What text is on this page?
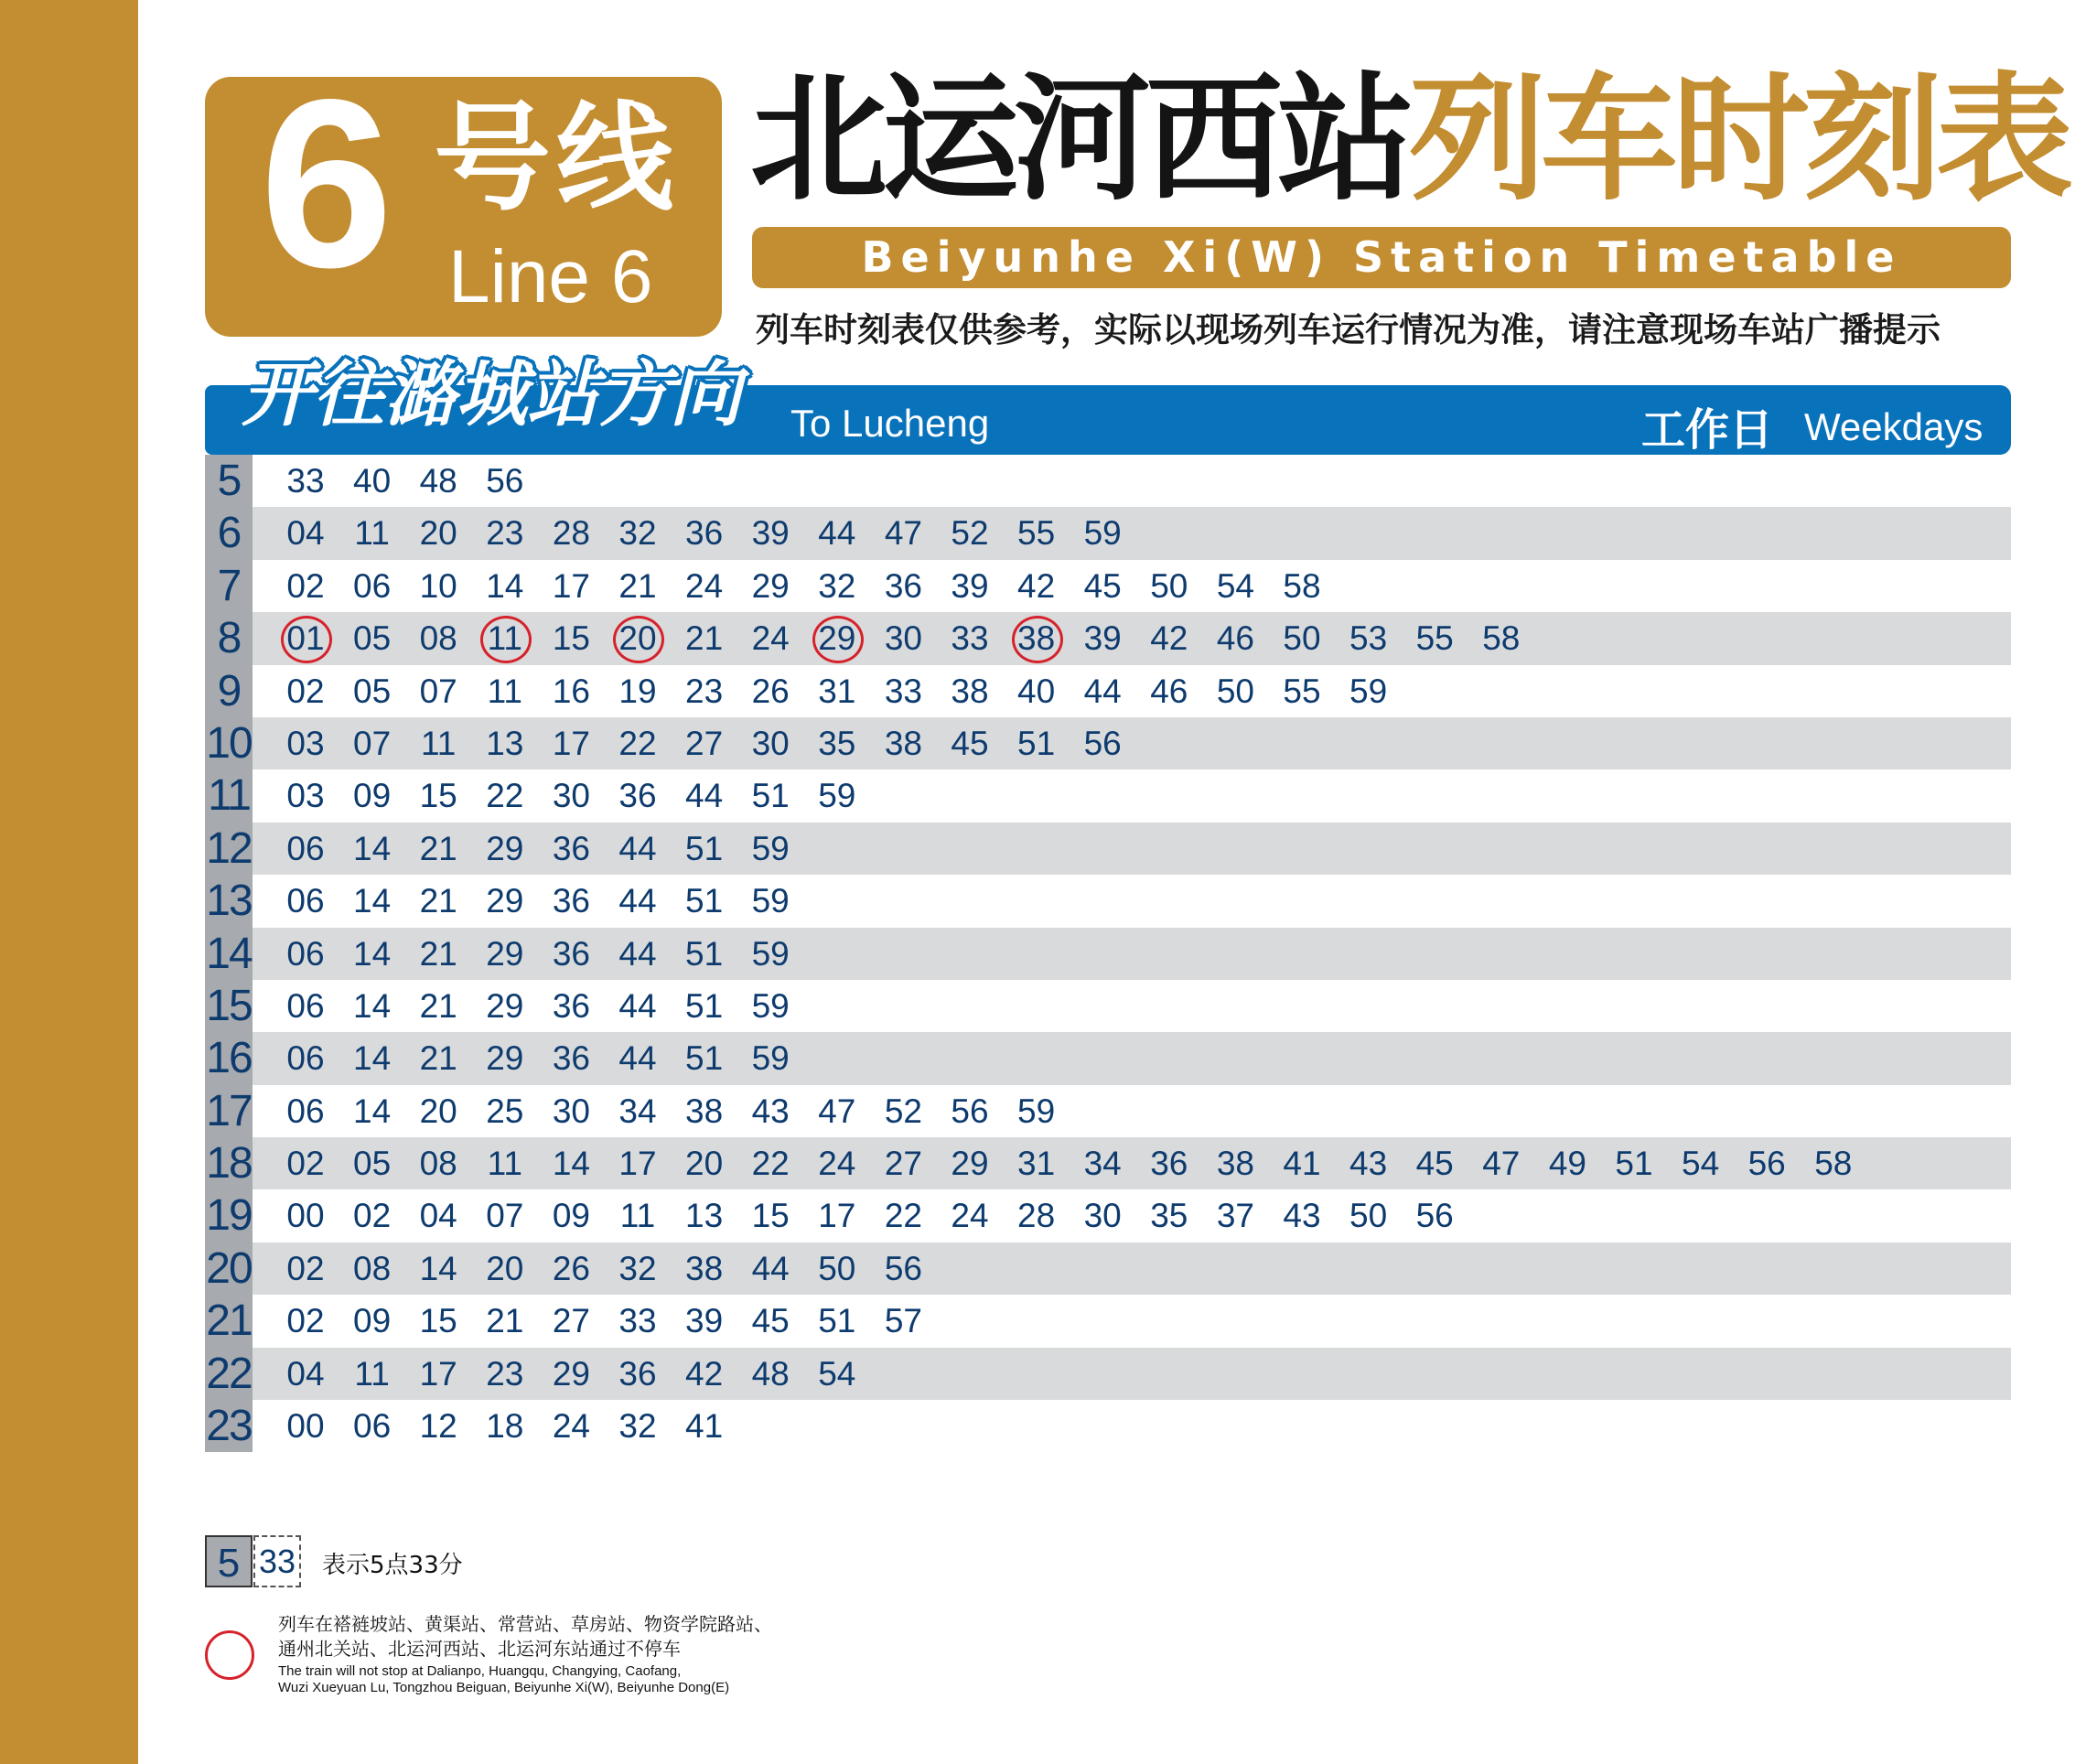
6 号线
Line 6
北运河西站列车时刻表
Beiyunhe Xi(W) Station Timetable
列车时刻表仅供参考，实际以现场列车运行情况为准，请注意现场车站广播提示
开往潞城站方向 To Lucheng	工作日 Weekdays
5	33 40 48 56
6	04 11 20 23 28 32 36 39 44 47 52 55 59
7	02 06 10 14 17 21 24 29 32 36 39 42 45 50 54 58
8	01 05 08 11 15 20 21 24 29 30 33 38 39 42 46 50 53 55 58
9	02 05 07 11 16 19 23 26 31 33 38 40 44 46 50 55 59
10	03 07 11 13 17 22 27 30 35 38 45 51 56
11	03 09 15 22 30 36 44 51 59
12	06 14 21 29 36 44 51 59
13	06 14 21 29 36 44 51 59
14	06 14 21 29 36 44 51 59
15	06 14 21 29 36 44 51 59
16	06 14 21 29 36 44 51 59
17	06 14 20 25 30 34 38 43 47 52 56 59
18	02 05 08 11 14 17 20 22 24 27 29 31 34 36 38 41 43 45 47 49 51 54 56 58
19	00 02 04 07 09 11 13 15 17 22 24 28 30 35 37 43 50 56
20	02 08 14 20 26 32 38 44 50 56
21	02 09 15 21 27 33 39 45 51 57
22	04 11 17 23 29 36 42 48 54
23	00 06 12 18 24 32 41
5 33 表示5点33分
列车在褡裢坡站、黄渠站、常营站、草房站、物资学院路站、
通州北关站、北运河西站、北运河东站通过不停车
The train will not stop at Dalianpo, Huangqu, Changying, Caofang,
Wuzi Xueyuan Lu, Tongzhou Beiguan, Beiyunhe Xi(W), Beiyunhe Dong(E)
